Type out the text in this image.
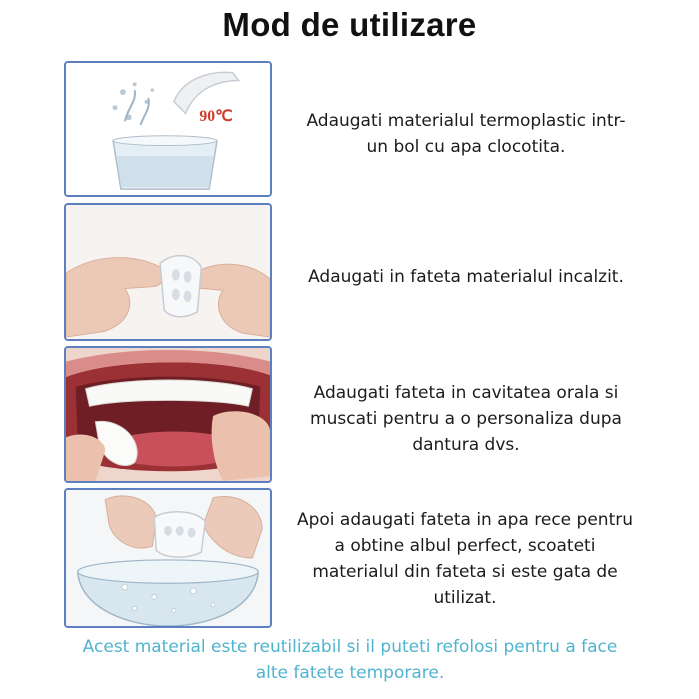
Mod de utilizare
90℃	Adaugati materialul termoplastic intr-un bol cu apa clocotita.
Adaugati in fateta materialul incalzit.
Adaugati fateta in cavitatea orala si muscati pentru a o personaliza dupa dantura dvs.
Apoi adaugati fateta in apa rece pentru a obtine albul perfect, scoateti materialul din fateta si este gata de utilizat.
Acest material este reutilizabil si il puteti refolosi pentru a face alte fatete temporare.
